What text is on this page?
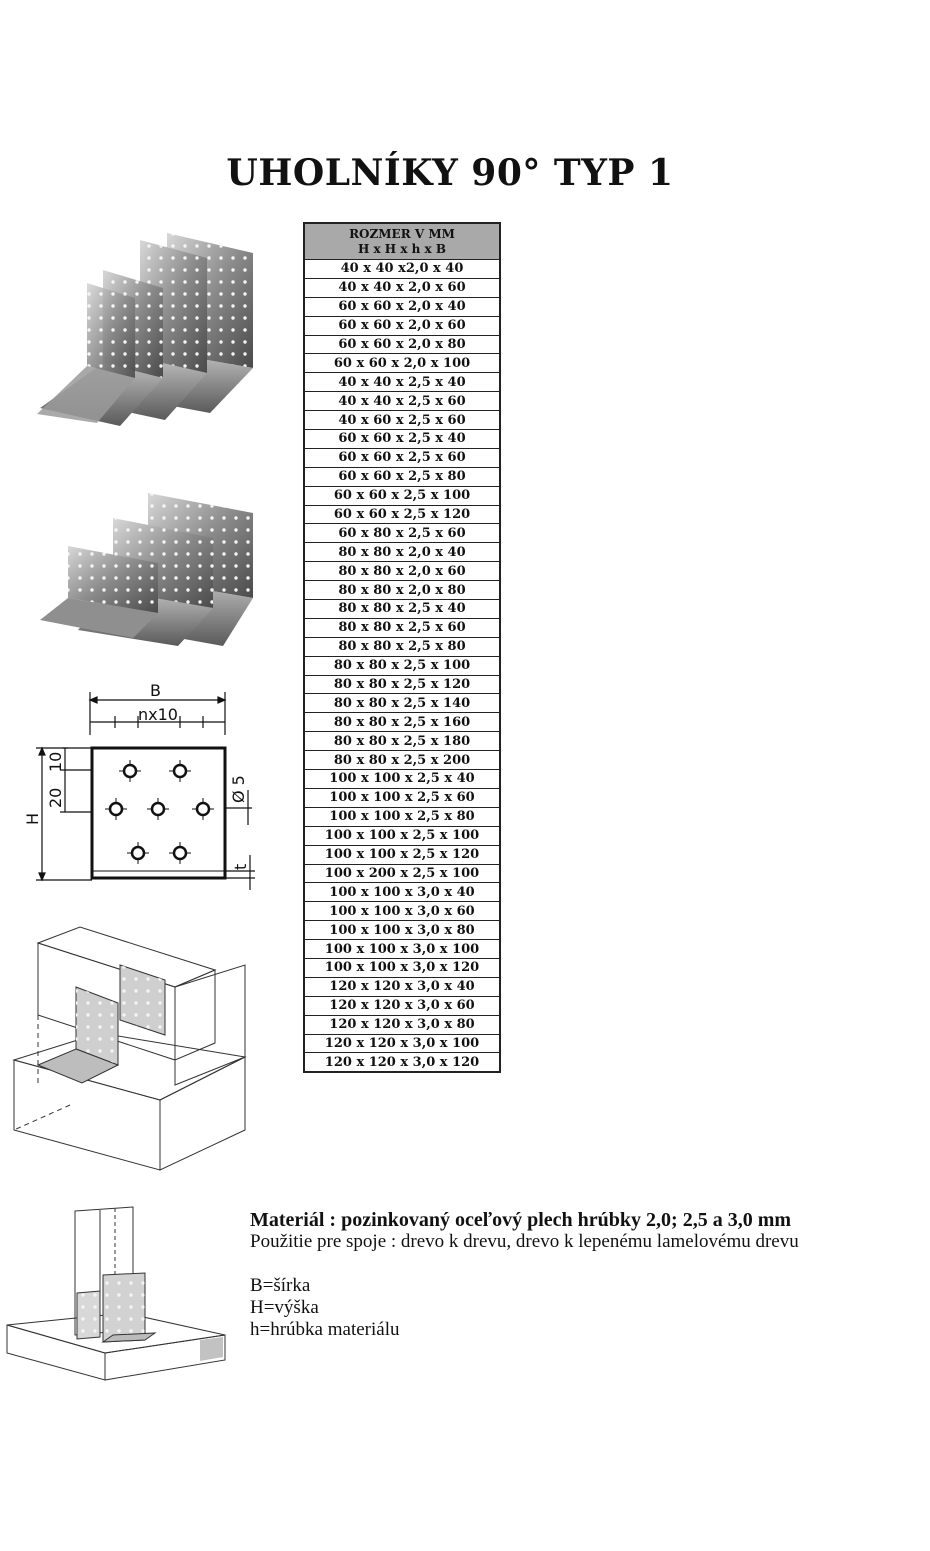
UHOLNÍKY 90° TYP 1
B
nx10
10
20
H
Ø 5
t
ROZMER V MM
H x H x h x B

40 x 40 x2,0 x 40
40 x 40 x 2,0 x 60
60 x 60 x 2,0 x 40
60 x 60 x 2,0 x 60
60 x 60 x 2,0 x 80
60 x 60 x 2,0 x 100
40 x 40 x 2,5 x 40
40 x 40 x 2,5 x 60
40 x 60 x 2,5 x 60
60 x 60 x 2,5 x 40
60 x 60 x 2,5 x 60
60 x 60 x 2,5 x 80
60 x 60 x 2,5 x 100
60 x 60 x 2,5 x 120
60 x 80 x 2,5 x 60
80 x 80 x 2,0 x 40
80 x 80 x 2,0 x 60
80 x 80 x 2,0 x 80
80 x 80 x 2,5 x 40
80 x 80 x 2,5 x 60
80 x 80 x 2,5 x 80
80 x 80 x 2,5 x 100
80 x 80 x 2,5 x 120
80 x 80 x 2,5 x 140
80 x 80 x 2,5 x 160
80 x 80 x 2,5 x 180
80 x 80 x 2,5 x 200
100 x 100 x 2,5 x 40
100 x 100 x 2,5 x 60
100 x 100 x 2,5 x 80
100 x 100 x 2,5 x 100
100 x 100 x 2,5 x 120
100 x 200 x 2,5 x 100
100 x 100 x 3,0 x 40
100 x 100 x 3,0 x 60
100 x 100 x 3,0 x 80
100 x 100 x 3,0 x 100
100 x 100 x 3,0 x 120
120 x 120 x 3,0 x 40
120 x 120 x 3,0 x 60
120 x 120 x 3,0 x 80
120 x 120 x 3,0 x 100
120 x 120 x 3,0 x 120
Materiál : pozinkovaný oceľový plech hrúbky 2,0; 2,5 a 3,0 mm
Použitie pre spoje : drevo k drevu, drevo k lepenému lamelovému drevu
B=šírka
H=výška
h=hrúbka materiálu
